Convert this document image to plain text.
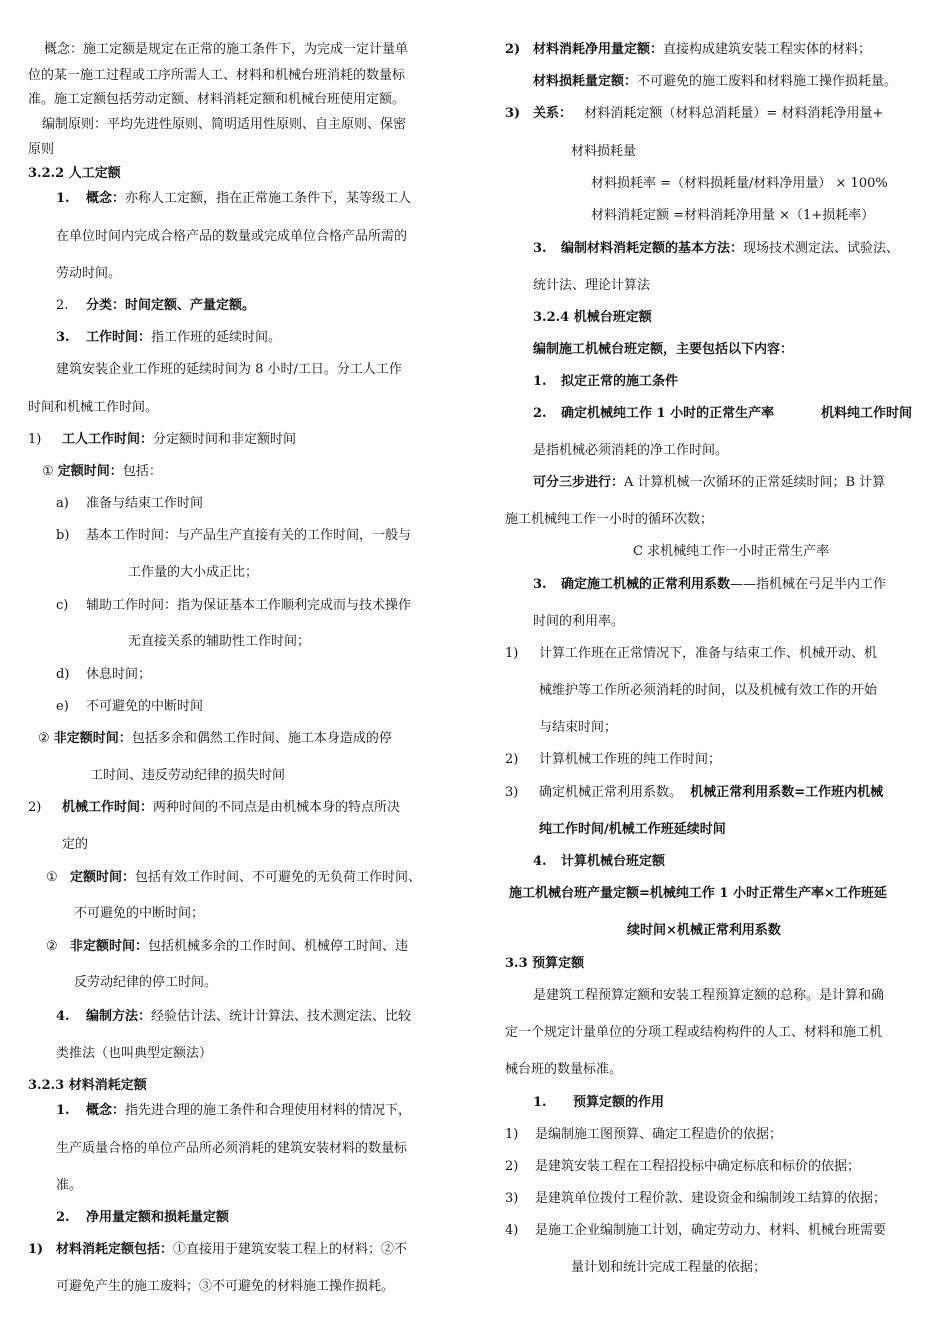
概念：施工定额是规定在正常的施工条件下，为完成一定计量单
位的某一施工过程或工序所需人工、材料和机械台班消耗的数量标
准。施工定额包括劳动定额、材料消耗定额和机械台班使用定额。
编制原则：平均先进性原则、简明适用性原则、自主原则、保密
原则
3.2.2 人工定额
1. 概念：亦称人工定额，指在正常施工条件下，某等级工人
在单位时间内完成合格产品的数量或完成单位合格产品所需的
劳动时间。
2. 分类：时间定额、产量定额。
3. 工作时间：指工作班的延续时间。
建筑安装企业工作班的延续时间为 8 小时/工日。分工人工作
时间和机械工作时间。
1) 工人工作时间：分定额时间和非定额时间
① 定额时间：包括：
a) 准备与结束工作时间
b) 基本工作时间：与产品生产直接有关的工作时间，一般与
工作量的大小成正比；
c) 辅助工作时间：指为保证基本工作顺利完成而与技术操作
无直接关系的辅助性工作时间；
d) 休息时间；
e) 不可避免的中断时间
② 非定额时间：包括多余和偶然工作时间、施工本身造成的停
工时间、违反劳动纪律的损失时间
2) 机械工作时间：两种时间的不同点是由机械本身的特点所决
定的
① 定额时间：包括有效工作时间、不可避免的无负荷工作时间、
不可避免的中断时间；
② 非定额时间：包括机械多余的工作时间、机械停工时间、违
反劳动纪律的停工时间。
4. 编制方法：经验估计法、统计计算法、技术测定法、比较
类推法（也叫典型定额法）
3.2.3 材料消耗定额
1. 概念：指先进合理的施工条件和合理使用材料的情况下，
生产质量合格的单位产品所必须消耗的建筑安装材料的数量标
准。
2. 净用量定额和损耗量定额
1) 材料消耗定额包括：①直接用于建筑安装工程上的材料；②不
可避免产生的施工废料；③不可避免的材料施工操作损耗。
2) 材料消耗净用量定额：直接构成建筑安装工程实体的材料；
材料损耗量定额：不可避免的施工废料和材料施工操作损耗量。
3) 关系： 材料消耗定额（材料总消耗量）= 材料消耗净用量+
材料损耗量
材料损耗率 =（材料损耗量/材料净用量） × 100%
材料消耗定额 =材料消耗净用量 ×（1+损耗率）
3. 编制材料消耗定额的基本方法：现场技术测定法、试验法、
统计法、理论计算法
3.2.4 机械台班定额
编制施工机械台班定额，主要包括以下内容：
1. 拟定正常的施工条件
2. 确定机械纯工作 1 小时的正常生产率	机料纯工作时间
是指机械必须消耗的净工作时间。
可分三步进行：A 计算机械一次循环的正常延续时间；B 计算
施工机械纯工作一小时的循环次数；
C 求机械纯工作一小时正常生产率
3. 确定施工机械的正常利用系数——指机械在弓足半内工作
时间的利用率。
1) 计算工作班在正常情况下，准备与结束工作、机械开动、机
械维护等工作所必须消耗的时间，以及机械有效工作的开始
与结束时间；
2) 计算机械工作班的纯工作时间；
3) 确定机械正常利用系数。 机械正常利用系数=工作班内机械
纯工作时间/机械工作班延续时间
4. 计算机械台班定额
施工机械台班产量定额=机械纯工作 1 小时正常生产率×工作班延
续时间×机械正常利用系数
3.3 预算定额
是建筑工程预算定额和安装工程预算定额的总称。是计算和确
定一个规定计量单位的分项工程或结构构件的人工、材料和施工机
械台班的数量标准。
1. 预算定额的作用
1) 是编制施工图预算、确定工程造价的依据；
2) 是建筑安装工程在工程招投标中确定标底和标价的依据；
3) 是建筑单位拨付工程价款、建设资金和编制竣工结算的依据；
4) 是施工企业编制施工计划，确定劳动力、材料、机械台班需要
量计划和统计完成工程量的依据；
